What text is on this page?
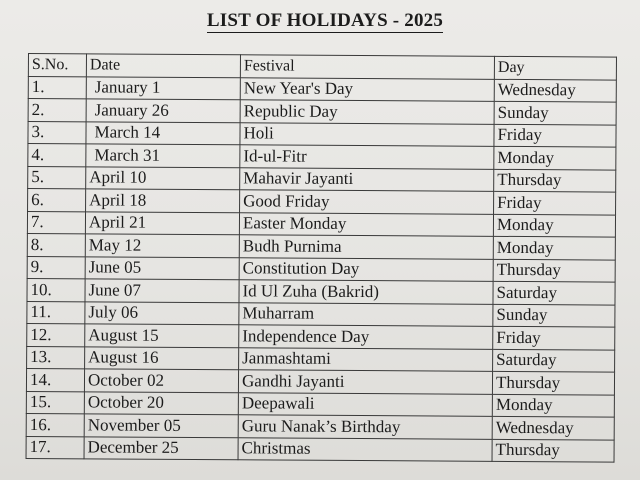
LIST OF HOLIDAYS - 2025
S.No.	Date	Festival	Day
1.	January 1	New Year's Day	Wednesday
2.	January 26	Republic Day	Sunday
3.	March 14	Holi	Friday
4.	March 31	Id-ul-Fitr	Monday
5.	April 10	Mahavir Jayanti	Thursday
6.	April 18	Good Friday	Friday
7.	April 21	Easter Monday	Monday
8.	May 12	Budh Purnima	Monday
9.	June 05	Constitution Day	Thursday
10.	June 07	Id Ul Zuha (Bakrid)	Saturday
11.	July 06	Muharram	Sunday
12.	August 15	Independence Day	Friday
13.	August 16	Janmashtami	Saturday
14.	October 02	Gandhi Jayanti	Thursday
15.	October 20	Deepawali	Monday
16.	November 05	Guru Nanak’s Birthday	Wednesday
17.	December 25	Christmas	Thursday
